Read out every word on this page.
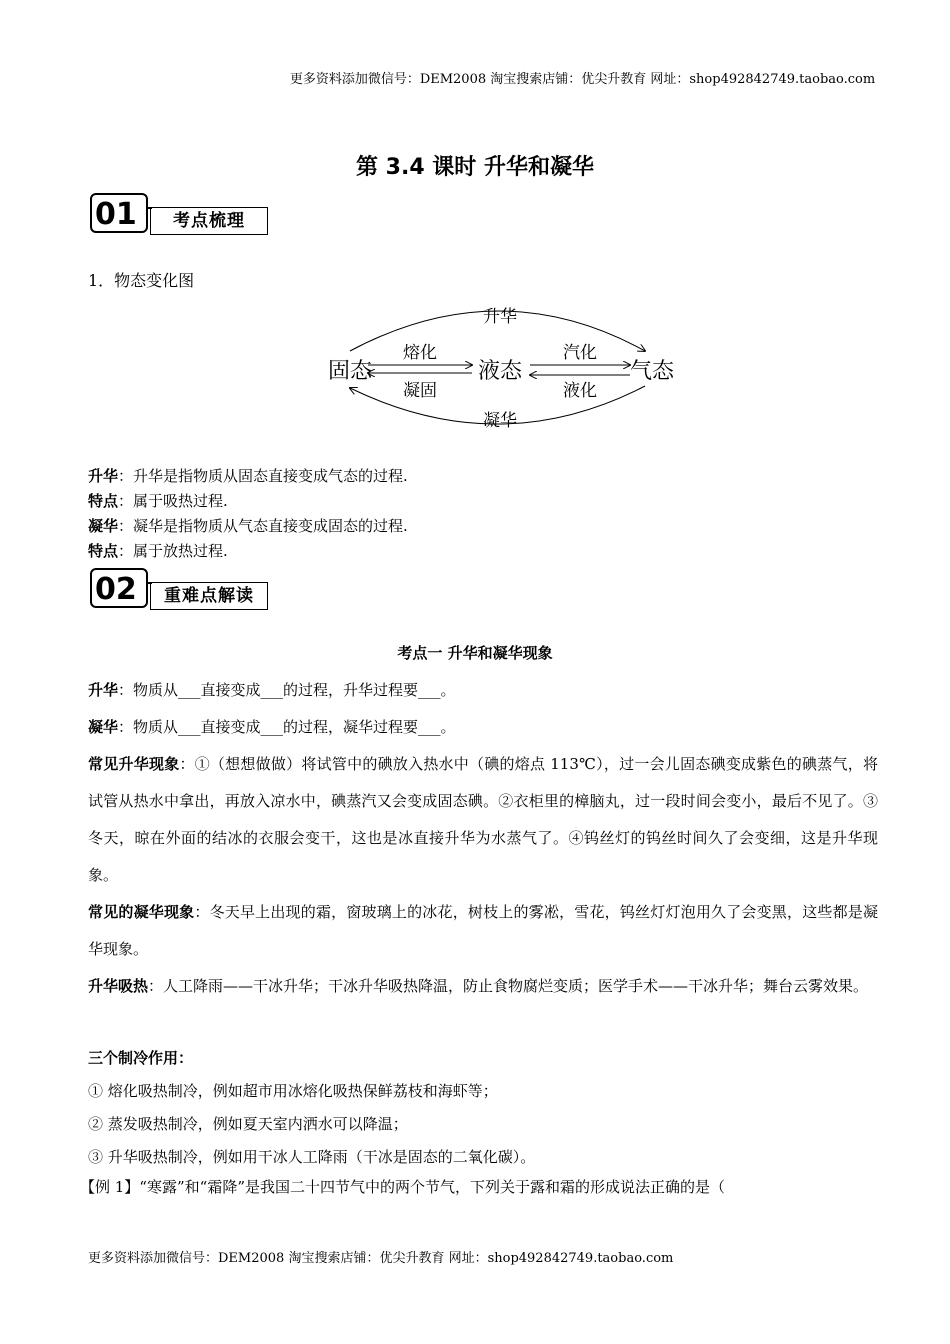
更多资料添加微信号：DEM2008 淘宝搜索店铺：优尖升教育 网址：shop492842749.taobao.com
第 3.4 课时 升华和凝华
01	考点梳理
1．物态变化图
固态	液态	气态
升华
凝华
熔化
凝固
汽化
液化
升华：升华是指物质从固态直接变成气态的过程.
特点：属于吸热过程.
凝华：凝华是指物质从气态直接变成固态的过程.
特点：属于放热过程.
02	重难点解读
考点一 升华和凝华现象
升华：物质从___直接变成___的过程，升华过程要___。
凝华：物质从___直接变成___的过程，凝华过程要___。
常见升华现象：①（想想做做）将试管中的碘放入热水中（碘的熔点 113℃），过一会儿固态碘变成紫色的碘蒸气，将试管从热水中拿出，再放入凉水中，碘蒸汽又会变成固态碘。②衣柜里的樟脑丸，过一段时间会变小，最后不见了。③冬天，晾在外面的结冰的衣服会变干，这也是冰直接升华为水蒸气了。④钨丝灯的钨丝时间久了会变细，这是升华现象。
常见的凝华现象：冬天早上出现的霜，窗玻璃上的冰花，树枝上的雾凇，雪花，钨丝灯灯泡用久了会变黑，这些都是凝华现象。
升华吸热：人工降雨——干冰升华；干冰升华吸热降温，防止食物腐烂变质；医学手术——干冰升华；舞台云雾效果。
三个制冷作用：
① 熔化吸热制冷，例如超市用冰熔化吸热保鲜荔枝和海虾等；
② 蒸发吸热制冷，例如夏天室内洒水可以降温；
③ 升华吸热制冷，例如用干冰人工降雨（干冰是固态的二氧化碳）。
【例 1】“寒露”和“霜降”是我国二十四节气中的两个节气，下列关于露和霜的形成说法正确的是（
更多资料添加微信号：DEM2008 淘宝搜索店铺：优尖升教育 网址：shop492842749.taobao.com
